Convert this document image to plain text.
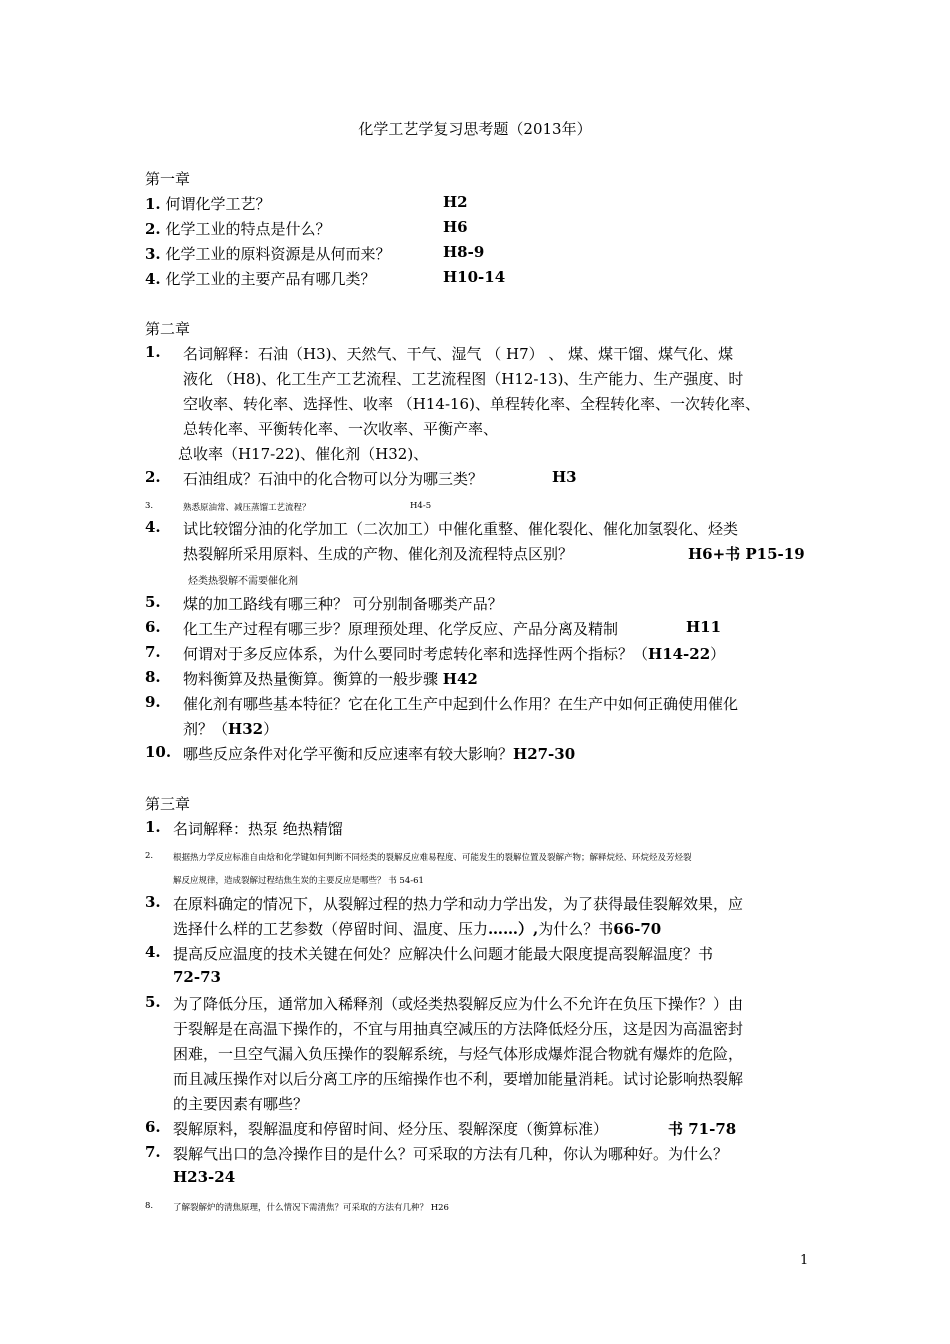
化学工艺学复习思考题（2013年）
第一章
1. 何谓化学工艺？	H2
2. 化学工业的特点是什么？	H6
3. 化学工业的原料资源是从何而来？	H8-9
4. 化学工业的主要产品有哪几类？	H10-14
第二章
1. 名词解释：石油（H3)、天然气、干气、湿气 （ H7） 、 煤、煤干馏、煤气化、煤
液化 （H8)、化工生产工艺流程、工艺流程图（H12-13)、生产能力、生产强度、时
空收率、转化率、选择性、收率 （H14-16)、单程转化率、全程转化率、一次转化率、
总转化率、平衡转化率、一次收率、平衡产率、
总收率（H17-22)、催化剂（H32)、
2. 石油组成？石油中的化合物可以分为哪三类？	H3
3.	熟悉原油常、减压蒸馏工艺流程？	H4-5
4. 试比较馏分油的化学加工（二次加工）中催化重整、催化裂化、催化加氢裂化、烃类
热裂解所采用原料、生成的产物、催化剂及流程特点区别？	H6+书 P15-19
烃类热裂解不需要催化剂
5. 煤的加工路线有哪三种？ 可分别制备哪类产品？
6. 化工生产过程有哪三步？原理预处理、化学反应、产品分离及精制	H11
7. 何谓对于多反应体系，为什么要同时考虑转化率和选择性两个指标？（H14-22）
8. 物料衡算及热量衡算。衡算的一般步骤 H42
9. 催化剂有哪些基本特征？它在化工生产中起到什么作用？在生产中如何正确使用催化
剂？（H32）
10. 哪些反应条件对化学平衡和反应速率有较大影响？H27-30
第三章
1. 名词解释：热泵 绝热精馏
2. 根据热力学反应标准自由焓和化学键如何判断不同烃类的裂解反应难易程度、可能发生的裂解位置及裂解产物；解释烷烃、环烷烃及芳烃裂
解反应规律，造成裂解过程结焦生炭的主要反应是哪些？ 书 54-61
3. 在原料确定的情况下，从裂解过程的热力学和动力学出发，为了获得最佳裂解效果，应
选择什么样的工艺参数（停留时间、温度、压力……）,为什么？书66-70
4. 提高反应温度的技术关键在何处？应解决什么问题才能最大限度提高裂解温度？书
72-73
5. 为了降低分压，通常加入稀释剂（或烃类热裂解反应为什么不允许在负压下操作？）由
于裂解是在高温下操作的，不宜与用抽真空减压的方法降低烃分压，这是因为高温密封
困难，一旦空气漏入负压操作的裂解系统，与烃气体形成爆炸混合物就有爆炸的危险，
而且减压操作对以后分离工序的压缩操作也不利，要增加能量消耗。试讨论影响热裂解
的主要因素有哪些？
6. 裂解原料，裂解温度和停留时间、烃分压、裂解深度（衡算标准）	书 71-78
7. 裂解气出口的急冷操作目的是什么？可采取的方法有几种，你认为哪种好。为什么？
H23-24
8. 了解裂解炉的清焦原理，什么情况下需清焦？可采取的方法有几种？ H26
1
